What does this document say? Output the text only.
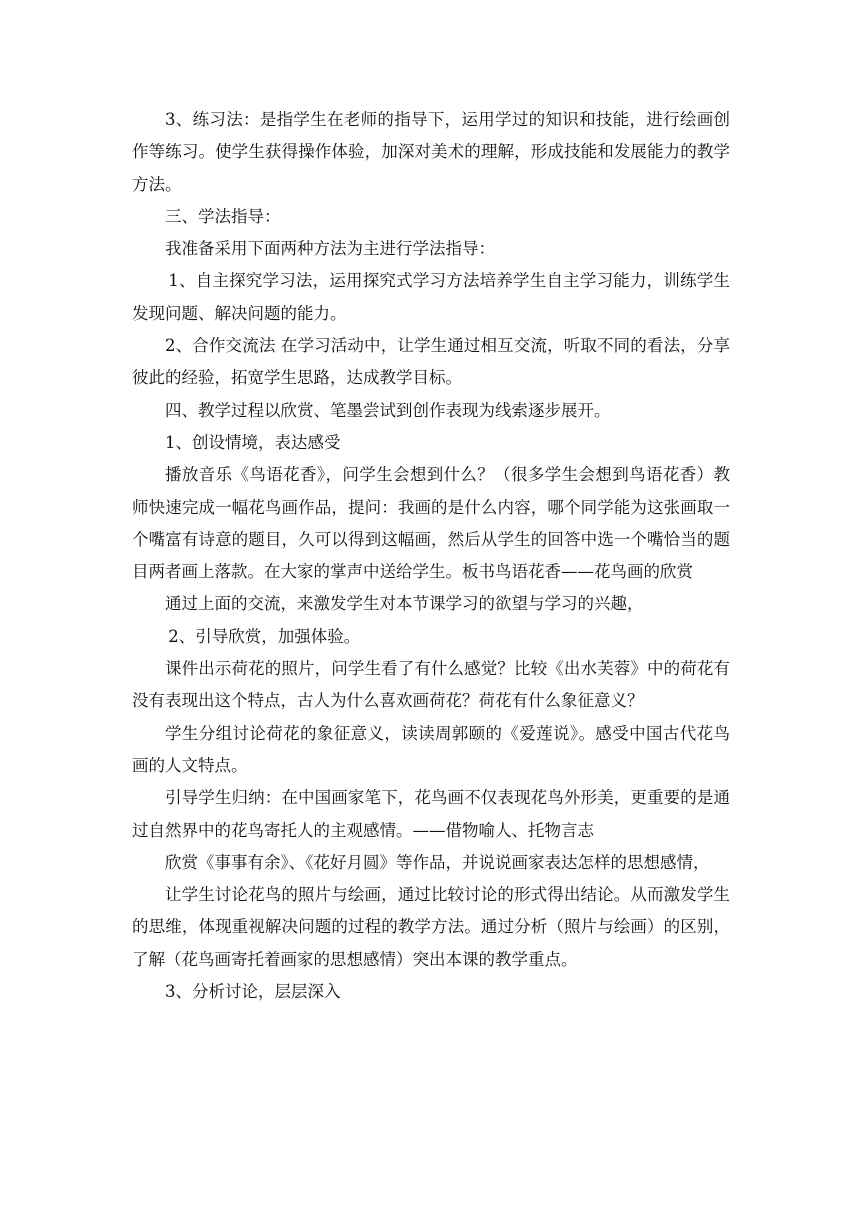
3、练习法：是指学生在老师的指导下，运用学过的知识和技能，进行绘画创作等练习。使学生获得操作体验，加深对美术的理解，形成技能和发展能力的教学方法。

三、学法指导：

我准备采用下面两种方法为主进行学法指导：

1、自主探究学习法，运用探究式学习方法培养学生自主学习能力，训练学生发现问题、解决问题的能力。

2、合作交流法 在学习活动中，让学生通过相互交流，听取不同的看法，分享彼此的经验，拓宽学生思路，达成教学目标。

四、教学过程以欣赏、笔墨尝试到创作表现为线索逐步展开。

1、创设情境，表达感受

播放音乐《鸟语花香》，问学生会想到什么？（很多学生会想到鸟语花香）教师快速完成一幅花鸟画作品，提问：我画的是什么内容，哪个同学能为这张画取一个嘴富有诗意的题目，久可以得到这幅画，然后从学生的回答中选一个嘴恰当的题目两者画上落款。在大家的掌声中送给学生。板书鸟语花香——花鸟画的欣赏

通过上面的交流，来激发学生对本节课学习的欲望与学习的兴趣，

2、引导欣赏，加强体验。

课件出示荷花的照片，问学生看了有什么感觉？比较《出水芙蓉》中的荷花有没有表现出这个特点，古人为什么喜欢画荷花？荷花有什么象征意义？

学生分组讨论荷花的象征意义，读读周郭颐的《爱莲说》。感受中国古代花鸟画的人文特点。

引导学生归纳：在中国画家笔下，花鸟画不仅表现花鸟外形美，更重要的是通过自然界中的花鸟寄托人的主观感情。——借物喻人、托物言志

欣赏《事事有余》、《花好月圆》等作品，并说说画家表达怎样的思想感情，

让学生讨论花鸟的照片与绘画，通过比较讨论的形式得出结论。从而激发学生的思维，体现重视解决问题的过程的教学方法。通过分析（照片与绘画）的区别，了解（花鸟画寄托着画家的思想感情）突出本课的教学重点。

3、分析讨论，层层深入
